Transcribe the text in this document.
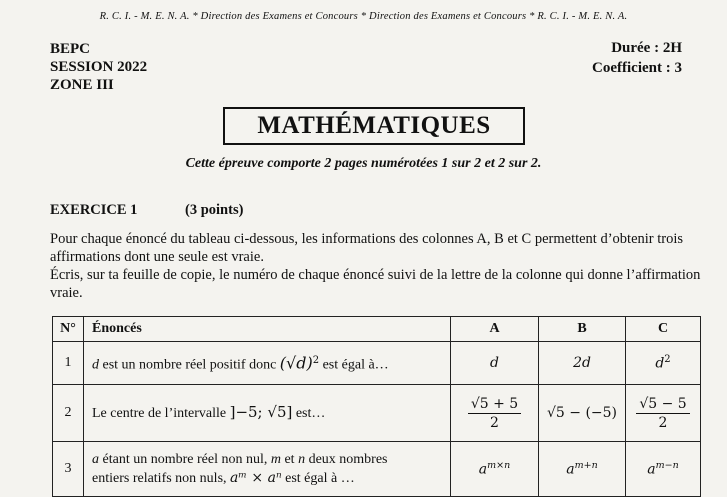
R. C. I. - M. E. N. A. * Direction des Examens et Concours * Direction des Examens et Concours * R. C. I. - M. E. N. A.
BEPC
SESSION 2022
ZONE III
Durée : 2H
Coefficient : 3
MATHÉMATIQUES
Cette épreuve comporte 2 pages numérotées 1 sur 2 et 2 sur 2.
EXERCICE 1	(3 points)
Pour chaque énoncé du tableau ci-dessous, les informations des colonnes A, B et C permettent d’obtenir trois affirmations dont une seule est vraie.
Écris, sur ta feuille de copie, le numéro de chaque énoncé suivi de la lettre de la colonne qui donne l’affirmation vraie.
N°	Énoncés	A	B	C
1	d est un nombre réel positif donc $(√d)^2$ est égal à…	d	2d	$d^2$
2	Le centre de l’intervalle ]−5; √5] est…	$\frac{√5 + 5}{2}$	√5 − (−5)	$\frac{√5 - 5}{2}$

3	a étant un nombre réel non nul, m et n deux nombres
entiers relatifs non nuls, aᵐ × aⁿ est égal à …	$a^{m\times n}$	$a^{m+n}$	$a^{m-n}$
